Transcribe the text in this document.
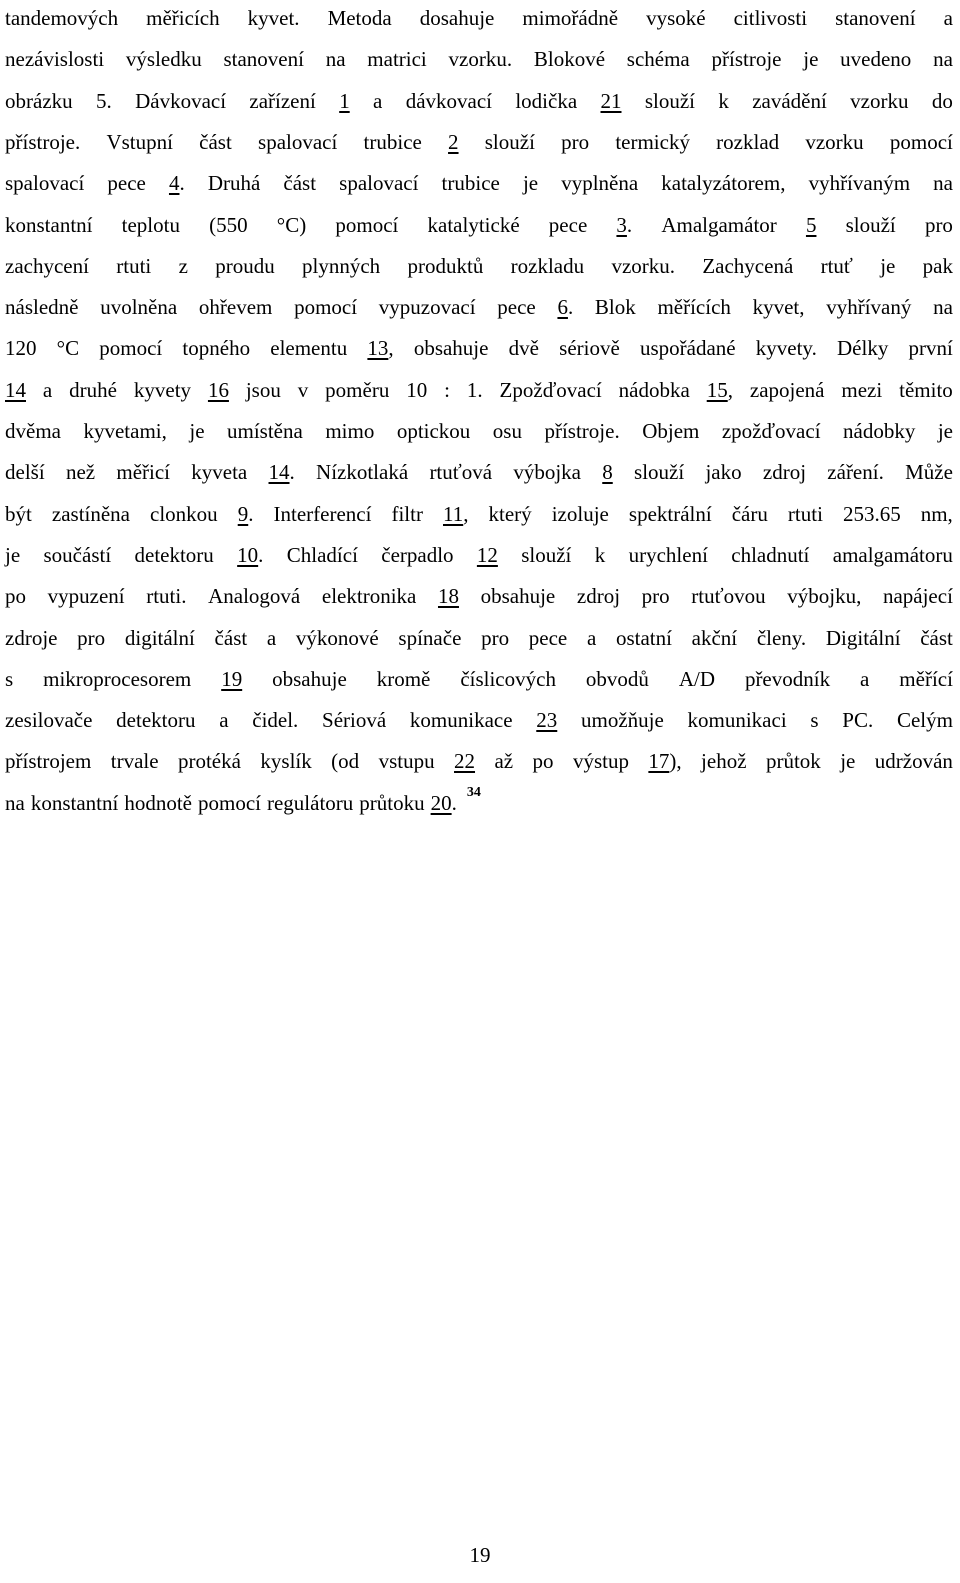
tandemových měřicích kyvet. Metoda dosahuje mimořádně vysoké citlivosti stanovení a
nezávislosti výsledku stanovení na matrici vzorku. Blokové schéma přístroje je uvedeno na
obrázku 5. Dávkovací zařízení 1 a dávkovací lodička 21 slouží k zavádění vzorku do
přístroje. Vstupní část spalovací trubice 2 slouží pro termický rozklad vzorku pomocí
spalovací pece 4. Druhá část spalovací trubice je vyplněna katalyzátorem, vyhřívaným na
konstantní teplotu (550 °C) pomocí katalytické pece 3. Amalgamátor 5 slouží pro
zachycení rtuti z proudu plynných produktů rozkladu vzorku. Zachycená rtuť je pak
následně uvolněna ohřevem pomocí vypuzovací pece 6. Blok měřících kyvet, vyhřívaný na
120 °C pomocí topného elementu 13, obsahuje dvě sériově uspořádané kyvety. Délky první
14 a druhé kyvety 16 jsou v poměru 10 : 1. Zpožďovací nádobka 15, zapojená mezi těmito
dvěma kyvetami, je umístěna mimo optickou osu přístroje. Objem zpožďovací nádobky je
delší než měřicí kyveta 14. Nízkotlaká rtuťová výbojka 8 slouží jako zdroj záření. Může
být zastíněna clonkou 9. Interferencí filtr 11, který izoluje spektrální čáru rtuti 253.65 nm,
je součástí detektoru 10. Chladící čerpadlo 12 slouží k urychlení chladnutí amalgamátoru
po vypuzení rtuti. Analogová elektronika 18 obsahuje zdroj pro rtuťovou výbojku, napájecí
zdroje pro digitální část a výkonové spínače pro pece a ostatní akční členy. Digitální část
s mikroprocesorem 19 obsahuje kromě číslicových obvodů A/D převodník a měřící
zesilovače detektoru a čidel. Sériová komunikace 23 umožňuje komunikaci s PC. Celým
přístrojem trvale protéká kyslík (od vstupu 22 až po výstup 17), jehož průtok je udržován
na konstantní hodnotě pomocí regulátoru průtoku 20. 34
19
